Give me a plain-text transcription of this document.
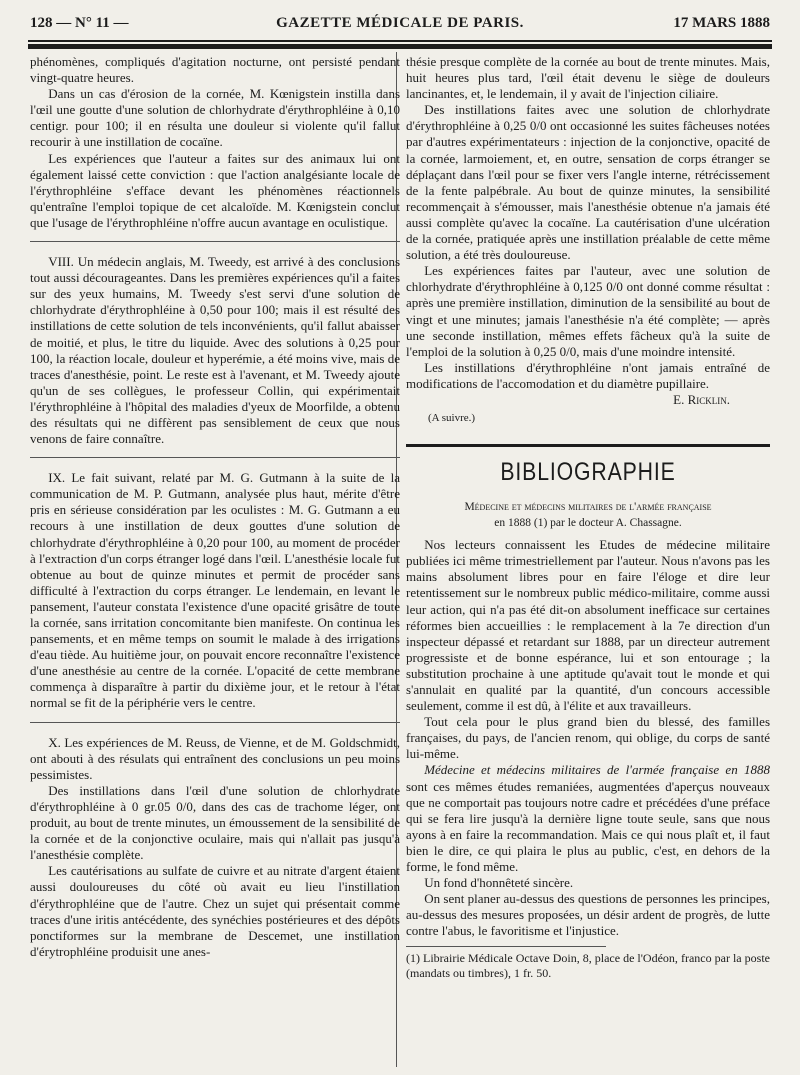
128 — N° 11 —	GAZETTE MÉDICALE DE PARIS.	17 MARS 1888

phénomènes, compliqués d'agitation nocturne, ont persisté pendant vingt-quatre heures.

Dans un cas d'érosion de la cornée, M. Kœnigstein instilla dans l'œil une goutte d'une solution de chlorhydrate d'érythrophléine à 0,10 centigr. pour 100; il en résulta une douleur si violente qu'il fallut recourir à une instillation de cocaïne.

Les expériences que l'auteur a faites sur des animaux lui ont également laissé cette conviction : que l'action analgésiante locale de l'érythrophléine s'efface devant les phénomènes réactionnels qu'entraîne l'emploi topique de cet alcaloïde. M. Kœnigstein conclut que l'usage de l'érythrophléine n'offre aucun avantage en oculistique.

VIII. Un médecin anglais, M. Tweedy, est arrivé à des conclusions tout aussi décourageantes. Dans les premières expériences qu'il a faites sur des yeux humains, M. Tweedy s'est servi d'une solution de chlorhydrate d'érythrophléine à 0,50 pour 100; mais il est résulté des instillations de cette solution de tels inconvénients, qu'il fallut abaisser de moitié, et plus, le titre du liquide. Avec des solutions à 0,25 pour 100, la réaction locale, douleur et hyperémie, a été moins vive, mais de traces d'anesthésie, point. Le reste est à l'avenant, et M. Tweedy ajoute qu'un de ses collègues, le professeur Collin, qui expérimentait l'érythrophléine à l'hôpital des maladies d'yeux de Moorfilde, a obtenu des résultats qui ne diffèrent pas sensiblement de ceux que nous venons de faire connaître.

IX. Le fait suivant, relaté par M. G. Gutmann à la suite de la communication de M. P. Gutmann, analysée plus haut, mérite d'être pris en sérieuse considération par les oculistes : M. G. Gutmann a eu recours à une instillation de deux gouttes d'une solution de chlorhydrate d'érythrophléine à 0,20 pour 100, au moment de procéder à l'extraction d'un corps étranger logé dans l'œil. L'anesthésie locale fut obtenue au bout de quinze minutes et permit de procéder sans difficulté à l'extraction du corps étranger. Le lendemain, en levant le pansement, l'auteur constata l'existence d'une opacité grisâtre de toute la cornée, sans irritation concomitante bien manifeste. On continua les pansements, et en même temps on soumit le malade à des irrigations d'eau tiède. Au huitième jour, on pouvait encore reconnaître l'existence d'une anesthésie au centre de la cornée. L'opacité de cette membrane commença à disparaître à partir du dixième jour, et le retour à l'état normal se fit de la périphérie vers le centre.

X. Les expériences de M. Reuss, de Vienne, et de M. Goldschmidt, ont abouti à des résulats qui entraînent des conclusions un peu moins pessimistes.

Des instillations dans l'œil d'une solution de chlorhydrate d'érythrophléine à 0 gr.05 0/0, dans des cas de trachome léger, ont produit, au bout de trente minutes, un émoussement de la sensibilité de la cornée et de la conjonctive oculaire, mais qui n'allait pas jusqu'à l'anesthésie complète.

Les cautérisations au sulfate de cuivre et au nitrate d'argent étaient aussi douloureuses du côté où avait eu lieu l'instillation d'érythrophléine que de l'autre. Chez un sujet qui présentait comme traces d'une iritis antécédente, des synéchies postérieures et des dépôts ponctiformes sur la membrane de Descemet, une instillation d'érytrophléine produisit une anes-

thésie presque complète de la cornée au bout de trente minutes. Mais, huit heures plus tard, l'œil était devenu le siège de douleurs lancinantes, et, le lendemain, il y avait de l'injection ciliaire.

Des instillations faites avec une solution de chlorhydrate d'érythrophléine à 0,25 0/0 ont occasionné les suites fâcheuses notées par d'autres expérimentateurs : injection de la conjonctive, opacité de la cornée, larmoiement, et, en outre, sensation de corps étranger se déplaçant dans l'œil pour se fixer vers l'angle interne, rétrécissement de la fente palpébrale. Au bout de quinze minutes, la sensibilité recommençait à s'émousser, mais l'anesthésie obtenue n'a jamais été aussi complète qu'avec la cocaïne. La cautérisation d'une ulcération de la cornée, pratiquée après une instillation préalable de cette même solution, a été très douloureuse.

Les expériences faites par l'auteur, avec une solution de chlorhydrate d'érythrophléine à 0,125 0/0 ont donné comme résultat : après une première instillation, diminution de la sensibilité au bout de vingt et une minutes; jamais l'anesthésie n'a été complète; — après une seconde instillation, mêmes effets fâcheux qu'à la suite de l'emploi de la solution à 0,25 0/0, mais d'une moindre intensité.

Les instillations d'érythrophléine n'ont jamais entraîné de modifications de l'accomodation et du diamètre pupillaire.

E. Ricklin.

(A suivre.)

BIBLIOGRAPHIE
Médecine et médecins militaires de l'armée française
en 1888 (1) par le docteur A. Chassagne.

Nos lecteurs connaissent les Etudes de médecine militaire publiées ici même trimestriellement par l'auteur. Nous n'avons pas les mains absolument libres pour en faire l'éloge et dire leur retentissement sur le nombreux public médico-militaire, comme aussi leur action, qui n'a pas été dit-on absolument inefficace sur certaines réformes bien accueillies : le remplacement à la 7e direction d'un inspecteur dépassé et retardant sur 1888, par un directeur autrement progressiste et de bonne espérance, lui et son entourage ; la substitution prochaine à une aptitude qu'avait tout le monde et qui s'annulait en qualité par la quantité, d'un concours accessible seulement, comme il est dû, à l'élite et aux travailleurs.

Tout cela pour le plus grand bien du blessé, des familles françaises, du pays, de l'ancien renom, qui oblige, du corps de santé lui-même.

Médecine et médecins militaires de l'armée française en 1888 sont ces mêmes études remaniées, augmentées d'aperçus nouveaux que ne comportait pas toujours notre cadre et précédées d'une préface qui se fera lire jusqu'à la dernière ligne toute seule, sans que nous ayons à en faire la recommandation. Mais ce qui nous plaît et, il faut bien le dire, ce qui plaira le plus au public, c'est, en dehors de la forme, le fond même.

Un fond d'honnêteté sincère.

On sent planer au-dessus des questions de personnes les principes, au-dessus des mesures proposées, un désir ardent de progrès, de lutte contre l'abus, le favoritisme et l'injustice.

(1) Librairie Médicale Octave Doin, 8, place de l'Odéon, franco par la poste (mandats ou timbres), 1 fr. 50.
